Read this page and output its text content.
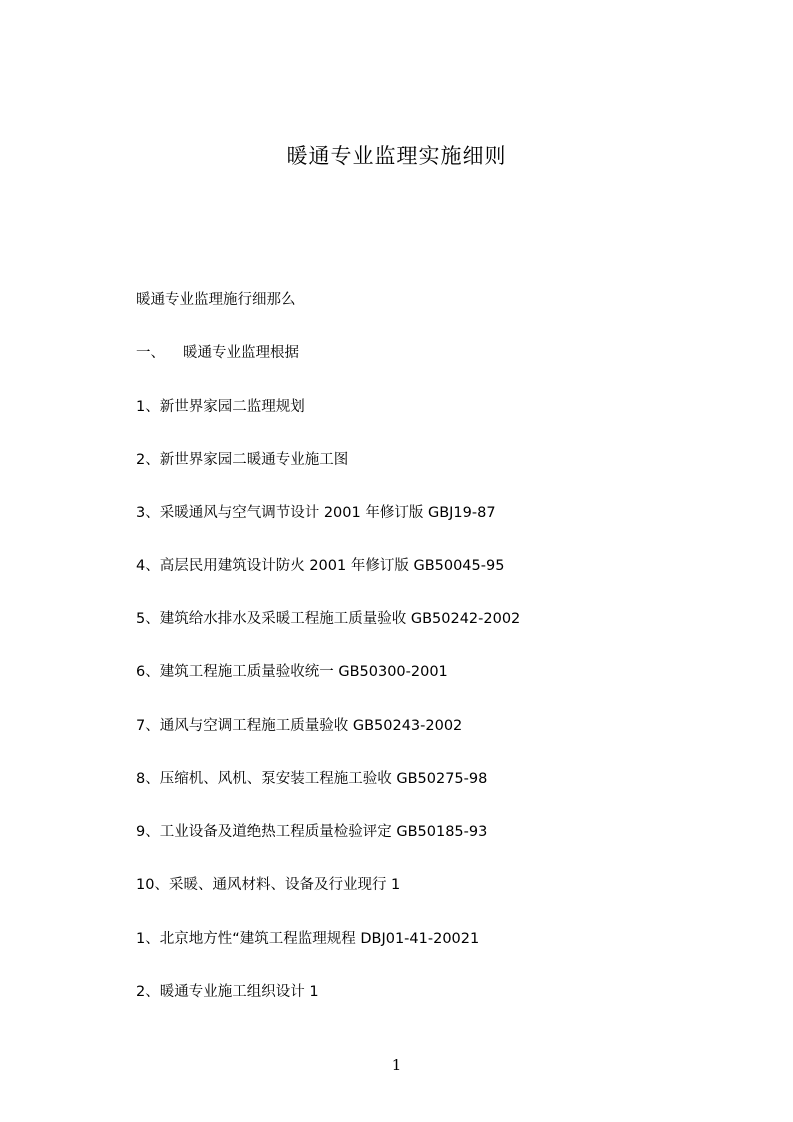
暖通专业监理实施细则
暖通专业监理施行细那么
一、 暖通专业监理根据
1、新世界家园二监理规划
2、新世界家园二暖通专业施工图
3、采暖通风与空气调节设计 2001 年修订版 GBJ19-87
4、高层民用建筑设计防火 2001 年修订版 GB50045-95
5、建筑给水排水及采暖工程施工质量验收 GB50242-2002
6、建筑工程施工质量验收统一 GB50300-2001
7、通风与空调工程施工质量验收 GB50243-2002
8、压缩机、风机、泵安装工程施工验收 GB50275-98
9、工业设备及道绝热工程质量检验评定 GB50185-93
10、采暖、通风材料、设备及行业现行 1
1、北京地方性“建筑工程监理规程 DBJ01-41-20021
2、暖通专业施工组织设计 1
1
